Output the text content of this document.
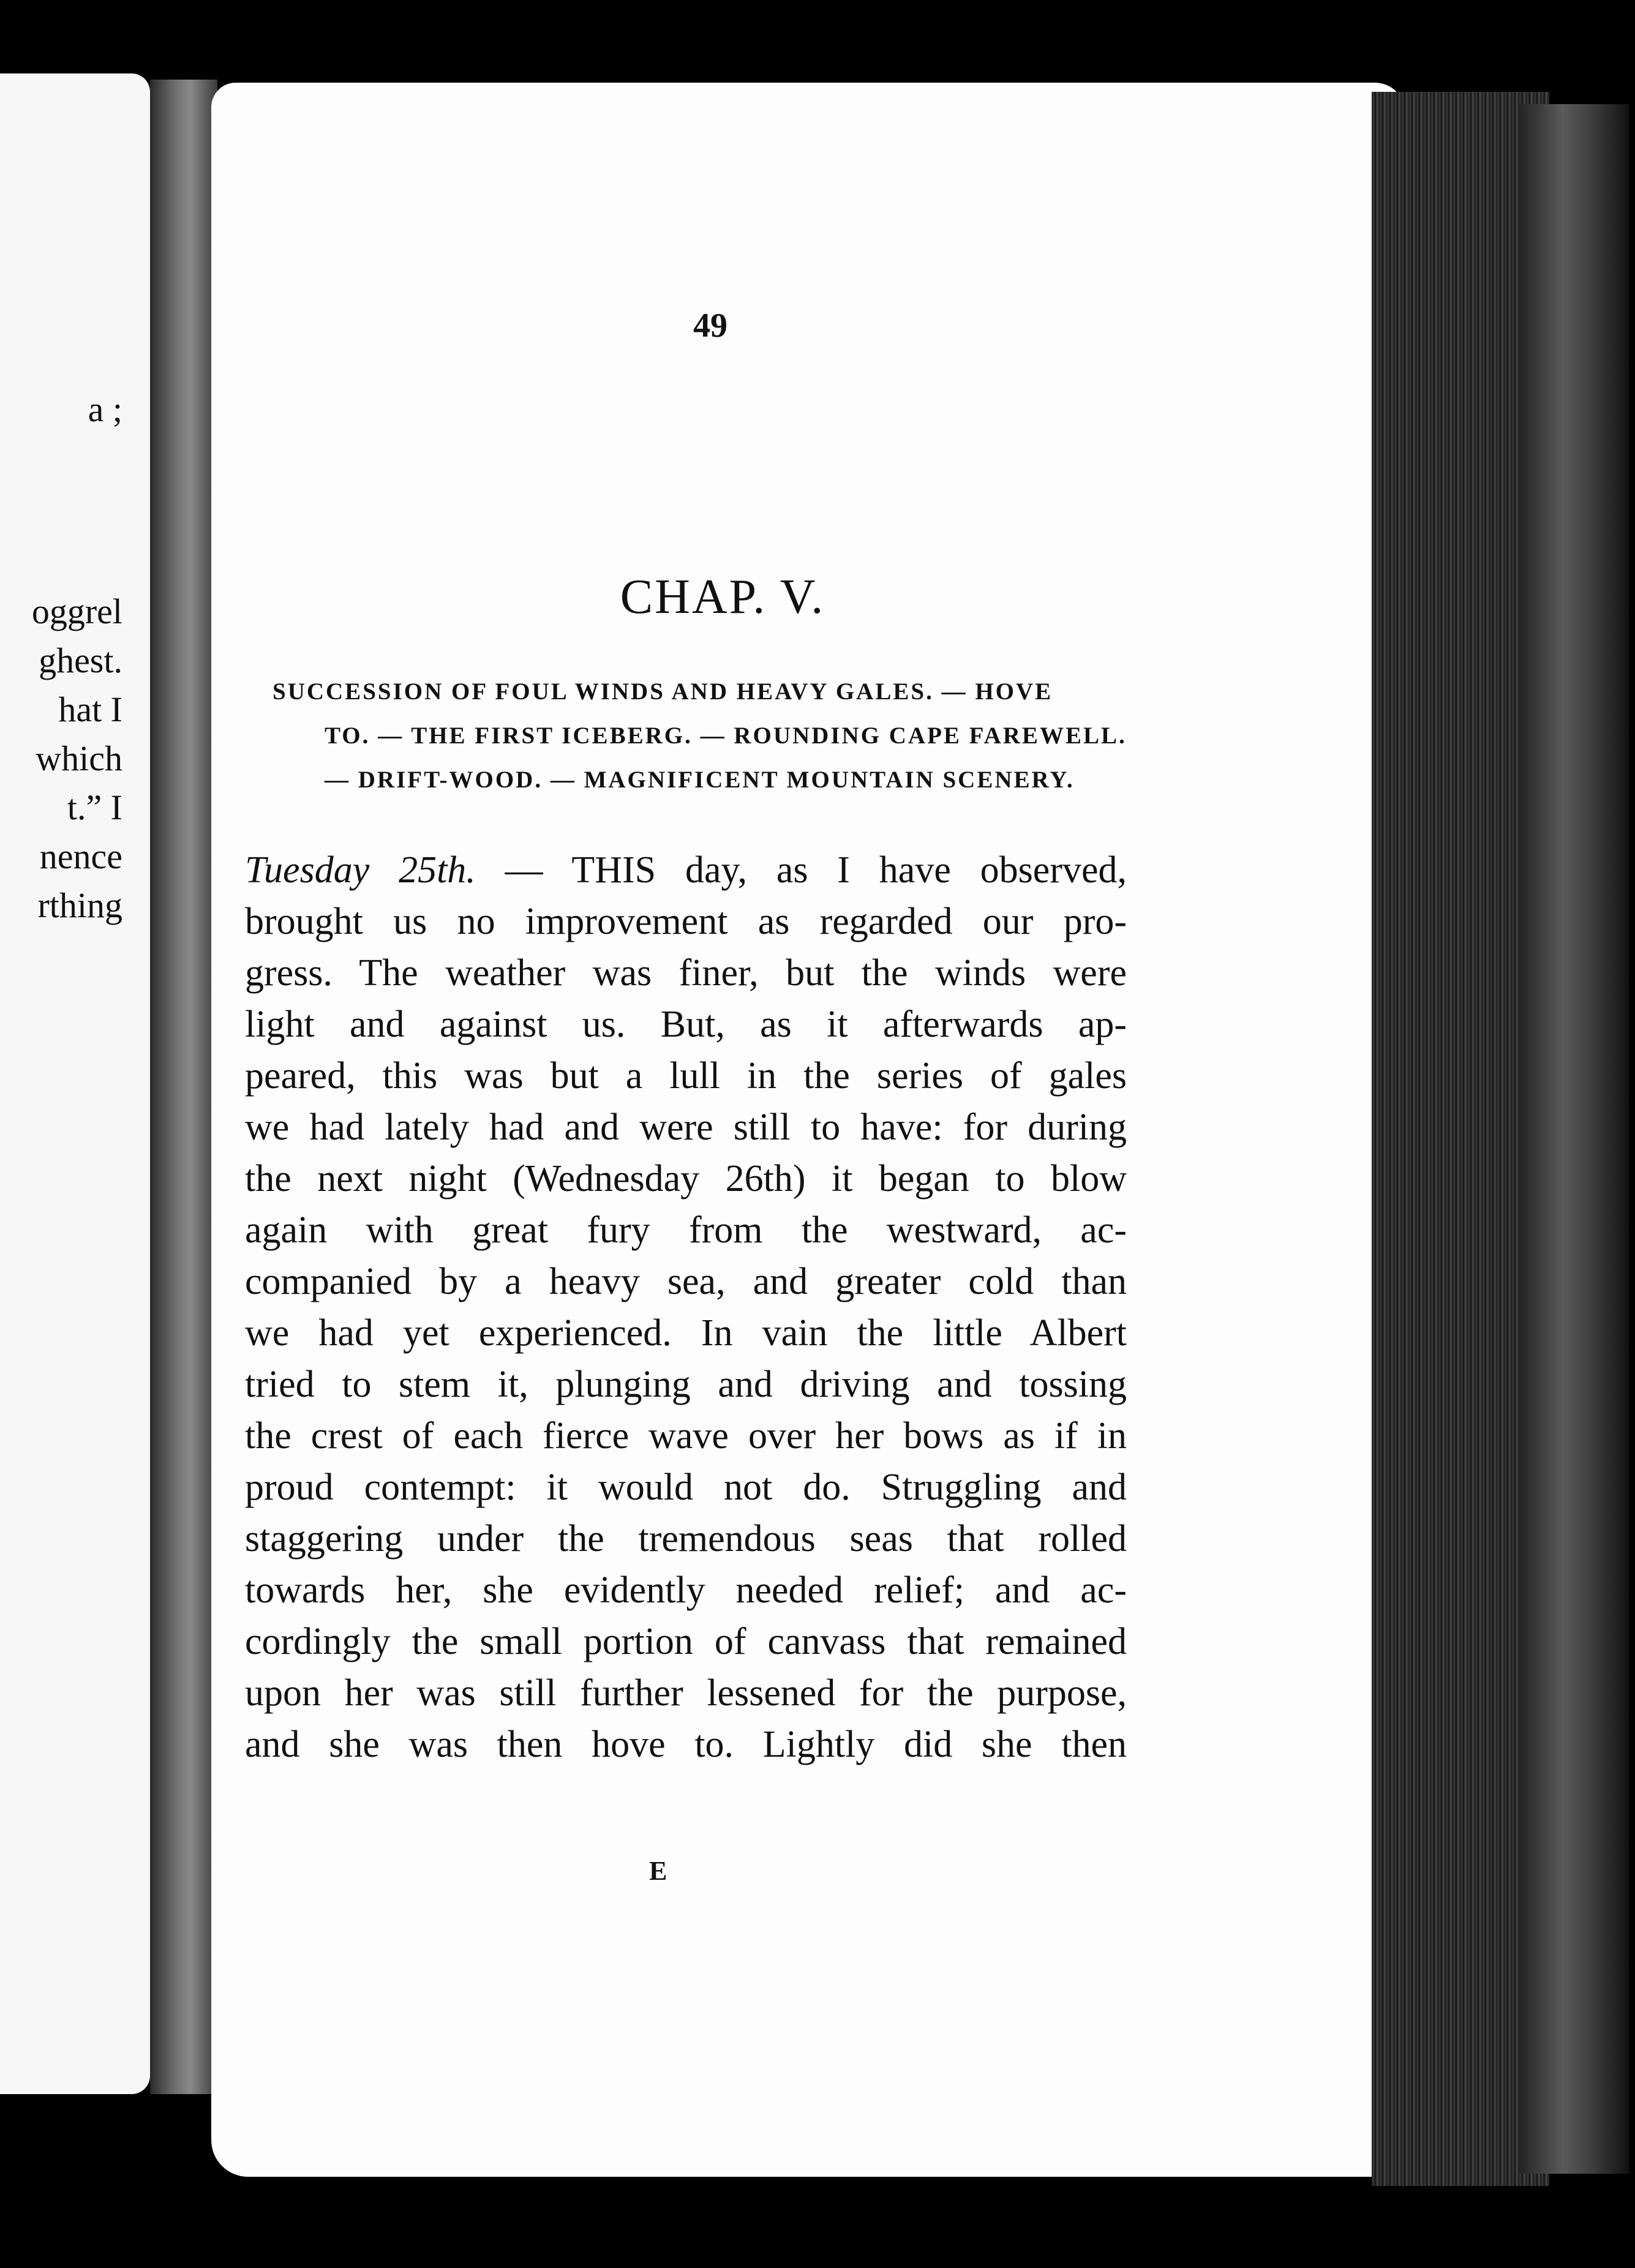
a ;
oggrel
ghest.
hat I
which
t.” I
nence
rthing
49
CHAP. V.
SUCCESSION OF FOUL WINDS AND HEAVY GALES. — HOVE
TO. — THE FIRST ICEBERG. — ROUNDING CAPE FAREWELL.
— DRIFT-WOOD. — MAGNIFICENT MOUNTAIN SCENERY.
Tuesday 25th. — THIS day, as I have observed,
brought us no improvement as regarded our pro-
gress. The weather was finer, but the winds were
light and against us. But, as it afterwards ap-
peared, this was but a lull in the series of gales
we had lately had and were still to have: for during
the next night (Wednesday 26th) it began to blow
again with great fury from the westward, ac-
companied by a heavy sea, and greater cold than
we had yet experienced. In vain the little Albert
tried to stem it, plunging and driving and tossing
the crest of each fierce wave over her bows as if in
proud contempt: it would not do. Struggling and
staggering under the tremendous seas that rolled
towards her, she evidently needed relief; and ac-
cordingly the small portion of canvass that remained
upon her was still further lessened for the purpose,
and she was then hove to. Lightly did she then
E
